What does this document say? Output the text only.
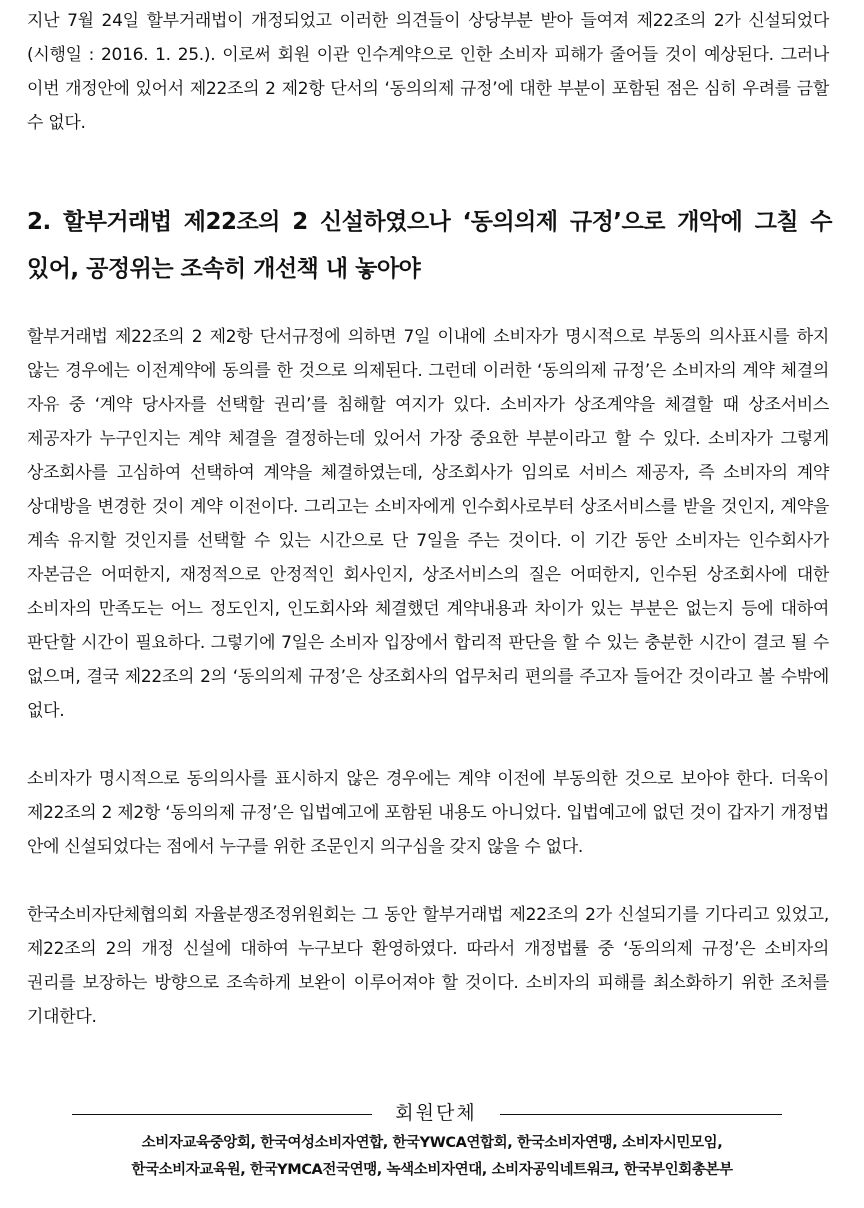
지난 7월 24일 할부거래법이 개정되었고 이러한 의견들이 상당부분 받아 들여져 제22조의 2가 신설되었다(시행일 : 2016. 1. 25.). 이로써 회원 이관 인수계약으로 인한 소비자 피해가 줄어들 것이 예상된다. 그러나 이번 개정안에 있어서 제22조의 2 제2항 단서의 ‘동의의제 규정’에 대한 부분이 포함된 점은 심히 우려를 금할 수 없다.

2. 할부거래법 제22조의 2 신설하였으나 ‘동의의제 규정’으로 개악에 그칠 수 있어, 공정위는 조속히 개선책 내 놓아야

할부거래법 제22조의 2 제2항 단서규정에 의하면 7일 이내에 소비자가 명시적으로 부동의 의사표시를 하지 않는 경우에는 이전계약에 동의를 한 것으로 의제된다. 그런데 이러한 ‘동의의제 규정’은 소비자의 계약 체결의 자유 중 ‘계약 당사자를 선택할 권리’를 침해할 여지가 있다. 소비자가 상조계약을 체결할 때 상조서비스 제공자가 누구인지는 계약 체결을 결정하는데 있어서 가장 중요한 부분이라고 할 수 있다. 소비자가 그렇게 상조회사를 고심하여 선택하여 계약을 체결하였는데, 상조회사가 임의로 서비스 제공자, 즉 소비자의 계약 상대방을 변경한 것이 계약 이전이다. 그리고는 소비자에게 인수회사로부터 상조서비스를 받을 것인지, 계약을 계속 유지할 것인지를 선택할 수 있는 시간으로 단 7일을 주는 것이다. 이 기간 동안 소비자는 인수회사가 자본금은 어떠한지, 재정적으로 안정적인 회사인지, 상조서비스의 질은 어떠한지, 인수된 상조회사에 대한 소비자의 만족도는 어느 정도인지, 인도회사와 체결했던 계약내용과 차이가 있는 부분은 없는지 등에 대하여 판단할 시간이 필요하다. 그렇기에 7일은 소비자 입장에서 합리적 판단을 할 수 있는 충분한 시간이 결코 될 수 없으며, 결국 제22조의 2의 ‘동의의제 규정’은 상조회사의 업무처리 편의를 주고자 들어간 것이라고 볼 수밖에 없다.

소비자가 명시적으로 동의의사를 표시하지 않은 경우에는 계약 이전에 부동의한 것으로 보아야 한다. 더욱이 제22조의 2 제2항 ‘동의의제 규정’은 입법예고에 포함된 내용도 아니었다. 입법예고에 없던 것이 갑자기 개정법 안에 신설되었다는 점에서 누구를 위한 조문인지 의구심을 갖지 않을 수 없다.

한국소비자단체협의회 자율분쟁조정위원회는 그 동안 할부거래법 제22조의 2가 신설되기를 기다리고 있었고, 제22조의 2의 개정 신설에 대하여 누구보다 환영하였다. 따라서 개정법률 중 ‘동의의제 규정’은 소비자의 권리를 보장하는 방향으로 조속하게 보완이 이루어져야 할 것이다. 소비자의 피해를 최소화하기 위한 조처를 기대한다.

회원단체

소비자교육중앙회, 한국여성소비자연합, 한국YWCA연합회, 한국소비자연맹, 소비자시민모임,

한국소비자교육원, 한국YMCA전국연맹, 녹색소비자연대, 소비자공익네트워크, 한국부인회총본부
